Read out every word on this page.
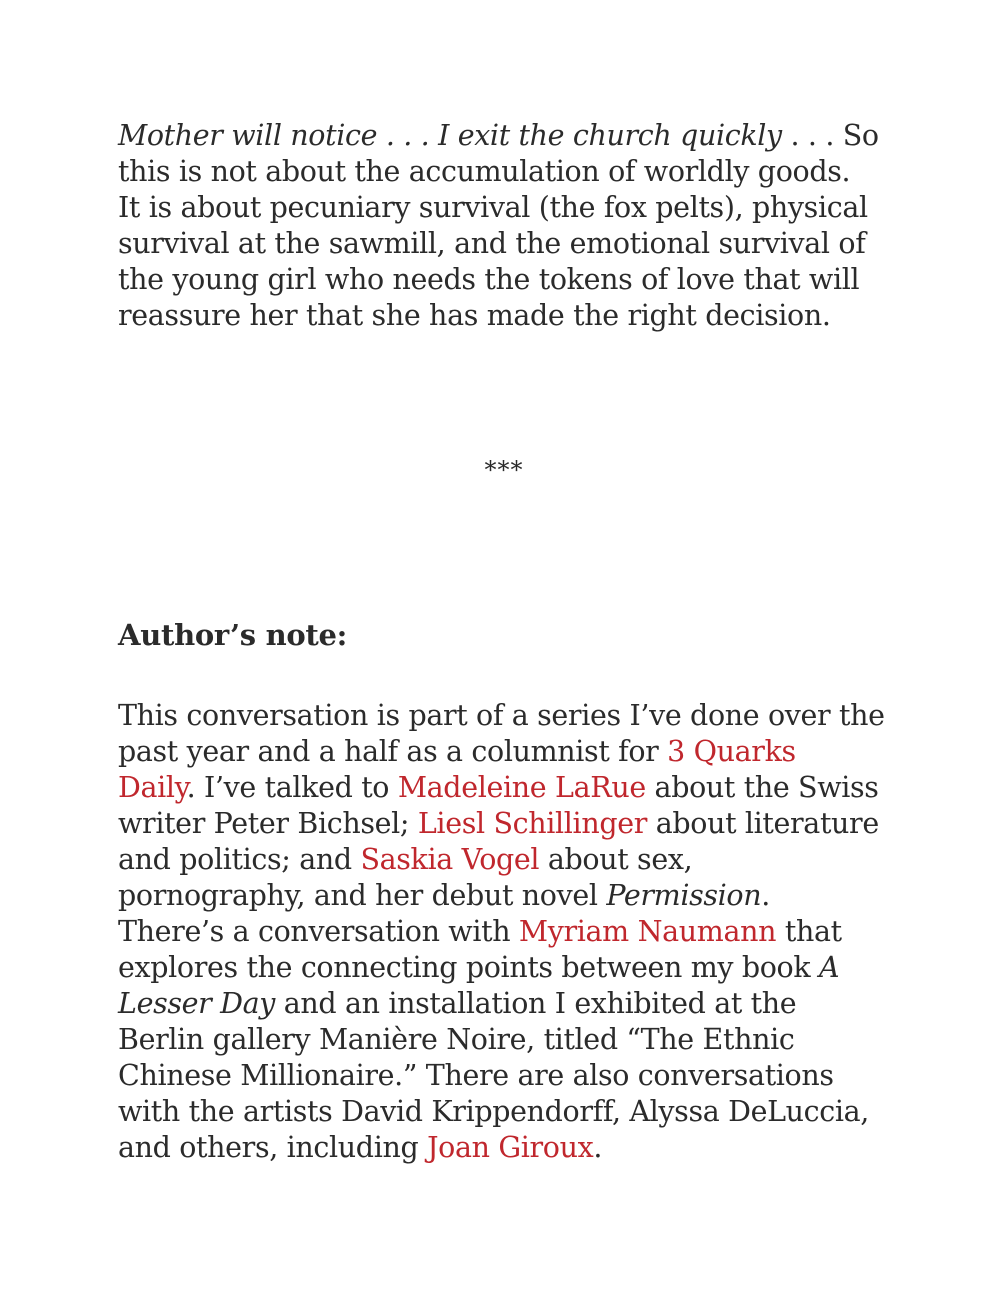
Mother will notice . . . I exit the church quickly . . . So
this is not about the accumulation of worldly goods.
It is about pecuniary survival (the fox pelts), physical
survival at the sawmill, and the emotional survival of
the young girl who needs the tokens of love that will
reassure her that she has made the right decision.

***
Author’s note:

This conversation is part of a series I’ve done over the
past year and a half as a columnist for 3 Quarks
Daily. I’ve talked to Madeleine LaRue about the Swiss
writer Peter Bichsel; Liesl Schillinger about literature
and politics; and Saskia Vogel about sex,
pornography, and her debut novel Permission.
There’s a conversation with Myriam Naumann that
explores the connecting points between my book A
Lesser Day and an installation I exhibited at the
Berlin gallery Manière Noire, titled “The Ethnic
Chinese Millionaire.” There are also conversations
with the artists David Krippendorff, Alyssa DeLuccia,
and others, including Joan Giroux.
